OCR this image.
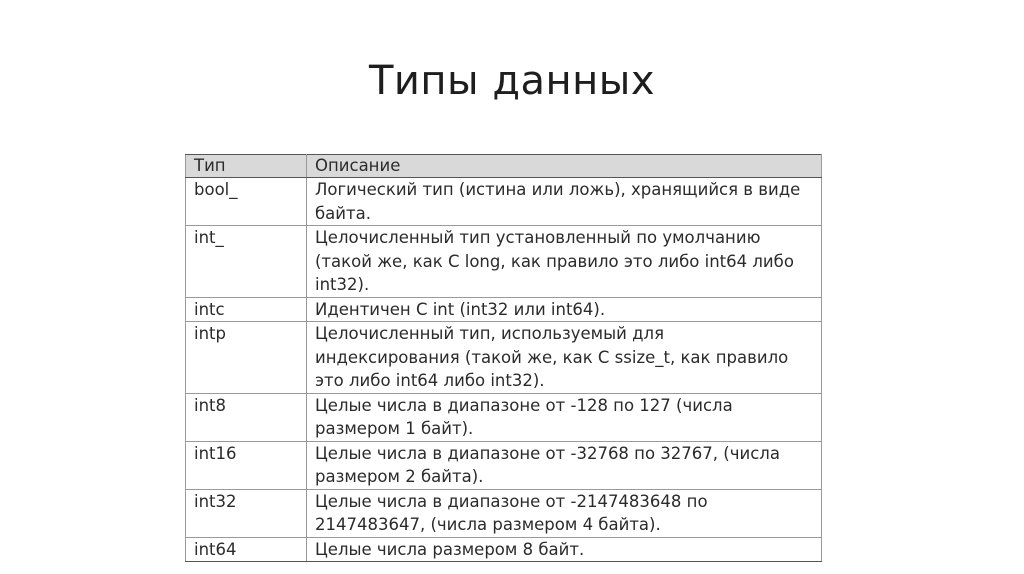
Типы данных
Тип	Описание
bool_	Логический тип (истина или ложь), хранящийся в виде байта.
int_	Целочисленный тип установленный по умолчанию (такой же, как C long, как правило это либо int64 либо int32).
intc	Идентичен C int (int32 или int64).
intp	Целочисленный тип, используемый для индексирования (такой же, как C ssize_t, как правило это либо int64 либо int32).
int8	Целые числа в диапазоне от -128 по 127 (числа размером 1 байт).
int16	Целые числа в диапазоне от -32768 по 32767, (числа размером 2 байта).
int32	Целые числа в диапазоне от -2147483648 по 2147483647, (числа размером 4 байта).
int64	Целые числа размером 8 байт.
